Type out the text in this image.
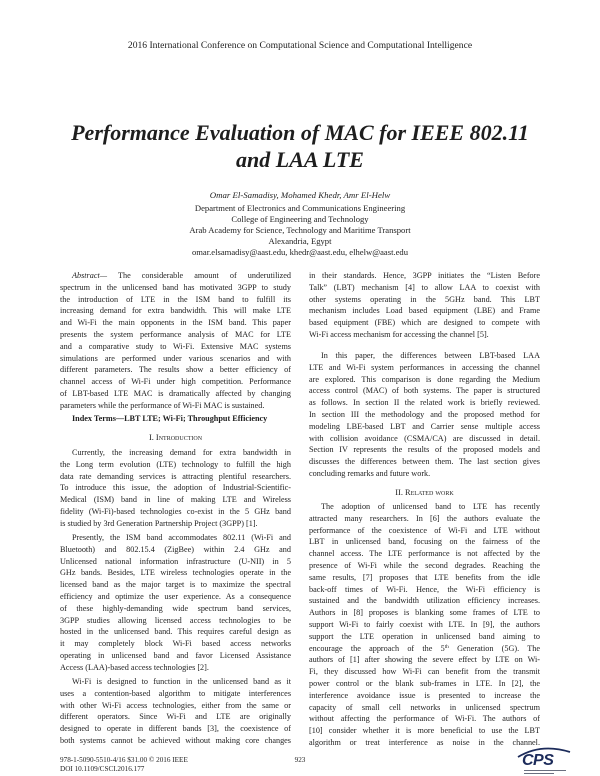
2016 International Conference on Computational Science and Computational Intelligence
Performance Evaluation of MAC for IEEE 802.11
and LAA LTE
Omar El-Samadisy, Mohamed Khedr, Amr El-Helw
Department of Electronics and Communications Engineering
College of Engineering and Technology
Arab Academy for Science, Technology and Maritime Transport
Alexandria, Egypt
omar.elsamadisy@aast.edu, khedr@aast.edu, elhelw@aast.edu
Abstract— The considerable amount of underutilized
spectrum in the unlicensed band has motivated 3GPP to study
the introduction of LTE in the ISM band to fulfill its
increasing demand for extra bandwidth. This will make LTE
and Wi-Fi the main opponents in the ISM band. This paper
presents the system performance analysis of MAC for LTE
and a comparative study to Wi-Fi. Extensive MAC systems
simulations are performed under various scenarios and with
different parameters. The results show a better efficiency of
channel access of Wi-Fi under high competition. Performance
of LBT-based LTE MAC is dramatically affected by changing
parameters while the performance of Wi-Fi MAC is sustained.
Index Terms—LBT LTE; Wi-Fi; Throughput Efficiency
I. Introduction
Currently, the increasing demand for extra bandwidth in
the Long term evolution (LTE) technology to fulfill the high
data rate demanding services is attracting plentiful researchers.
To introduce this issue, the adoption of Industrial-Scientific-
Medical (ISM) band in line of making LTE and Wireless
fidelity (Wi-Fi)-based technologies co-exist in the 5 GHz band
is studied by 3rd Generation Partnership Project (3GPP) [1].
Presently, the ISM band accommodates 802.11 (Wi-Fi and
Bluetooth) and 802.15.4 (ZigBee) within 2.4 GHz and
Unlicensed national information infrastructure (U-NII) in 5
GHz bands. Besides, LTE wireless technologies operate in the
licensed band as the major target is to maximize the spectral
efficiency and optimize the user experience. As a consequence
of these highly-demanding wide spectrum band services,
3GPP studies allowing licensed access technologies to be
hosted in the unlicensed band. This requires careful design as
it may completely block Wi-Fi based access networks
operating in unlicensed band and favor Licensed Assistance
Access (LAA)-based access technologies [2].
Wi-Fi is designed to function in the unlicensed band as it
uses a contention-based algorithm to mitigate interferences
with other Wi-Fi access technologies, either from the same or
different operators. Since Wi-Fi and LTE are originally
designed to operate in different bands [3], the coexistence of
both systems cannot be achieved without making core changes
in their standards. Hence, 3GPP initiates the “Listen Before
Talk” (LBT) mechanism [4] to allow LAA to coexist with
other systems operating in the 5GHz band. This LBT
mechanism includes Load based equipment (LBE) and Frame
based equipment (FBE) which are designed to compete with
Wi-Fi access mechanism for accessing the channel [5].
In this paper, the differences between LBT-based LAA
LTE and Wi-Fi system performances in accessing the channel
are explored. This comparison is done regarding the Medium
access control (MAC) of both systems. The paper is structured
as follows. In section II the related work is briefly reviewed.
In section III the methodology and the proposed method for
modeling LBE-based LBT and Carrier sense multiple access
with collision avoidance (CSMA/CA) are discussed in detail.
Section IV represents the results of the proposed models and
discusses the differences between them. The last section gives
concluding remarks and future work.
II. Related work
The adoption of unlicensed band to LTE has recently
attracted many researchers. In [6] the authors evaluate the
performance of the coexistence of Wi-Fi and LTE without
LBT in unlicensed band, focusing on the fairness of the
channel access. The LTE performance is not affected by the
presence of Wi-Fi while the second degrades. Reaching the
same results, [7] proposes that LTE benefits from the idle
back-off times of Wi-Fi. Hence, the Wi-Fi efficiency is
sustained and the bandwidth utilization efficiency increases.
Authors in [8] proposes is blanking some frames of LTE to
support Wi-Fi to fairly coexist with LTE. In [9], the authors
support the LTE operation in unlicensed band aiming to
encourage the approach of the 5th Generation (5G). The
authors of [1] after showing the severe effect by LTE on Wi-
Fi, they discussed how Wi-Fi can benefit from the transmit
power control or the blank sub-frames in LTE. In [2], the
interference avoidance issue is presented to increase the
capacity of small cell networks in unlicensed spectrum
without affecting the performance of Wi-Fi. The authors of
[10] consider whether it is more beneficial to use the LBT
algorithm or treat interference as noise in the channel.
978-1-5090-5510-4/16 $31.00 © 2016 IEEE
DOI 10.1109/CSCI.2016.177
923	CPS
